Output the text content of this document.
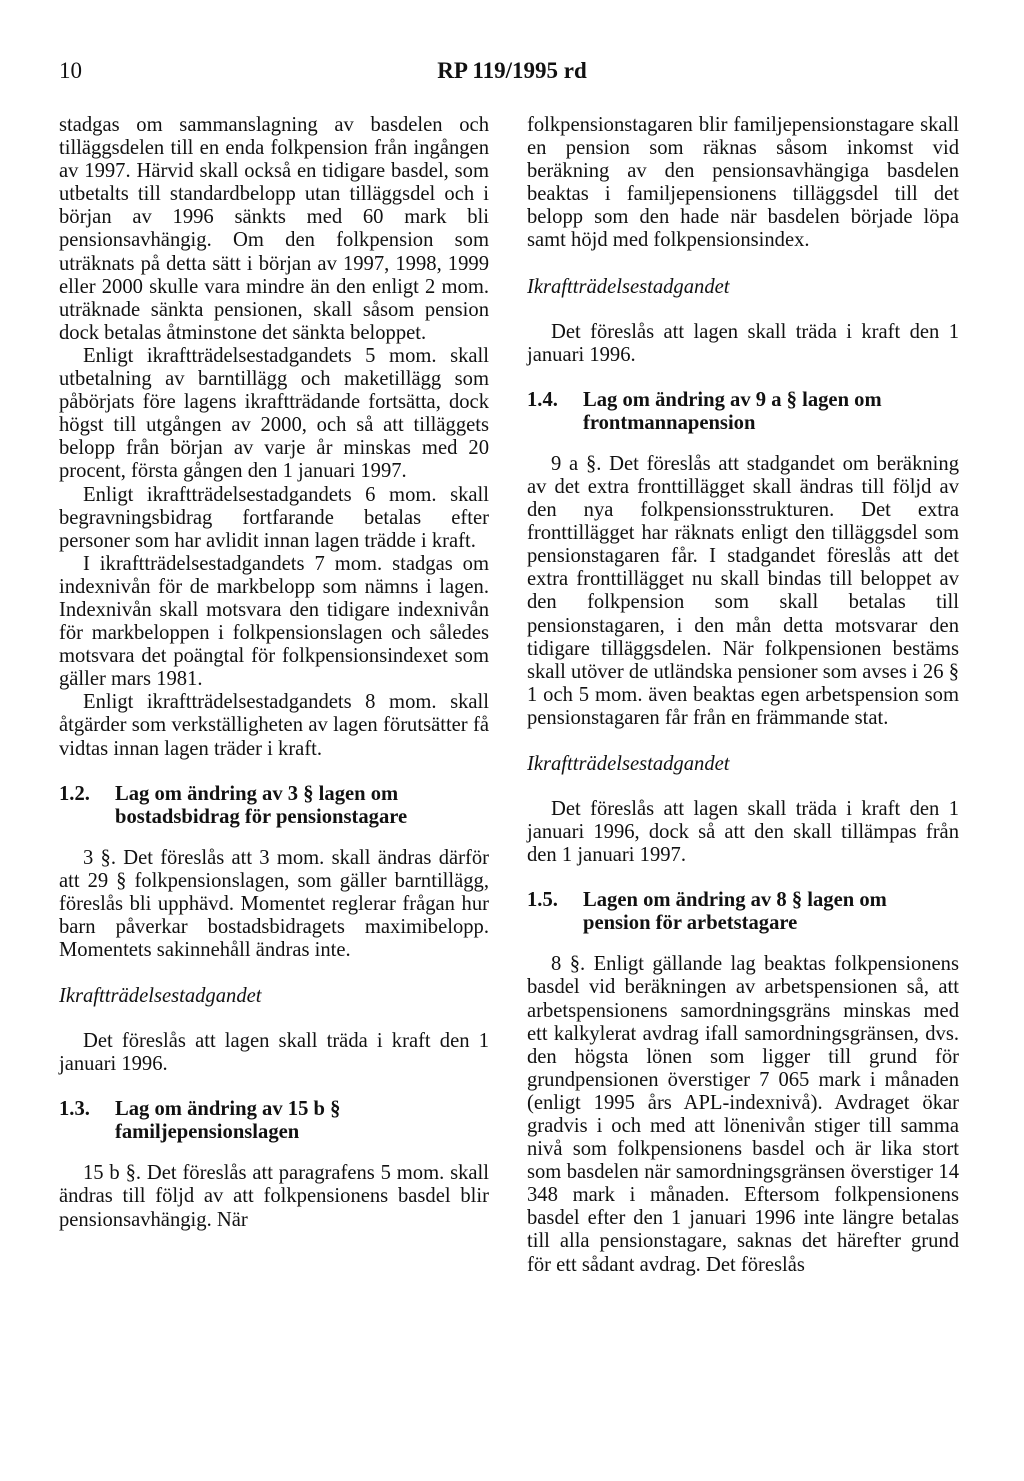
10	RP 119/1995 rd

stadgas om sammanslagning av basdelen och tilläggsdelen till en enda folkpension från ingången av 1997. Härvid skall också en tidigare basdel, som utbetalts till standardbelopp utan tilläggsdel och i början av 1996 sänkts med 60 mark bli pensionsavhängig. Om den folkpension som uträknats på detta sätt i början av 1997, 1998, 1999 eller 2000 skulle vara mindre än den enligt 2 mom. uträknade sänkta pensionen, skall såsom pension dock betalas åtminstone det sänkta beloppet.

Enligt ikraftträdelsestadgandets 5 mom. skall utbetalning av barntillägg och maketillägg som påbörjats före lagens ikraftträdande fortsätta, dock högst till utgången av 2000, och så att tilläggets belopp från början av varje år minskas med 20 procent, första gången den 1 januari 1997.

Enligt ikraftträdelsestadgandets 6 mom. skall begravningsbidrag fortfarande betalas efter personer som har avlidit innan lagen trädde i kraft.

I ikraftträdelsestadgandets 7 mom. stadgas om indexnivån för de markbelopp som nämns i lagen. Indexnivån skall motsvara den tidigare indexnivån för markbeloppen i folkpensionslagen och således motsvara det poängtal för folkpensionsindexet som gäller mars 1981.

Enligt ikraftträdelsestadgandets 8 mom. skall åtgärder som verkställigheten av lagen förutsätter få vidtas innan lagen träder i kraft.

1.2.	Lag om ändring av 3 § lagen om bostadsbidrag för pensionstagare

3 §. Det föreslås att 3 mom. skall ändras därför att 29 § folkpensionslagen, som gäller barntillägg, föreslås bli upphävd. Momentet reglerar frågan hur barn påverkar bostadsbidragets maximibelopp. Momentets sakinnehåll ändras inte.

Ikraftträdelsestadgandet

Det föreslås att lagen skall träda i kraft den 1 januari 1996.

1.3.	Lag om ändring av 15 b § familjepensionslagen

15 b §. Det föreslås att paragrafens 5 mom. skall ändras till följd av att folkpensionens basdel blir pensionsavhängig. När

folkpensionstagaren blir familjepensionstagare skall en pension som räknas såsom inkomst vid beräkning av den pensionsavhängiga basdelen beaktas i familjepensionens tilläggsdel till det belopp som den hade när basdelen började löpa samt höjd med folkpensionsindex.

Ikraftträdelsestadgandet

Det föreslås att lagen skall träda i kraft den 1 januari 1996.

1.4.	Lag om ändring av 9 a § lagen om frontmannapension

9 a §. Det föreslås att stadgandet om beräkning av det extra fronttillägget skall ändras till följd av den nya folkpensionsstrukturen. Det extra fronttillägget har räknats enligt den tilläggsdel som pensionstagaren får. I stadgandet föreslås att det extra fronttillägget nu skall bindas till beloppet av den folkpension som skall betalas till pensionstagaren, i den mån detta motsvarar den tidigare tilläggsdelen. När folkpensionen bestäms skall utöver de utländska pensioner som avses i 26 § 1 och 5 mom. även beaktas egen arbetspension som pensionstagaren får från en främmande stat.

Ikraftträdelsestadgandet

Det föreslås att lagen skall träda i kraft den 1 januari 1996, dock så att den skall tillämpas från den 1 januari 1997.

1.5.	Lagen om ändring av 8 § lagen om pension för arbetstagare

8 §. Enligt gällande lag beaktas folkpensionens basdel vid beräkningen av arbetspensionen så, att arbetspensionens samordningsgräns minskas med ett kalkylerat avdrag ifall samordningsgränsen, dvs. den högsta lönen som ligger till grund för grundpensionen överstiger 7 065 mark i månaden (enligt 1995 års APL-indexnivå). Avdraget ökar gradvis i och med att lönenivån stiger till samma nivå som folkpensionens basdel och är lika stort som basdelen när samordningsgränsen överstiger 14 348 mark i månaden. Eftersom folkpensionens basdel efter den 1 januari 1996 inte längre betalas till alla pensionstagare, saknas det härefter grund för ett sådant avdrag. Det föreslås
